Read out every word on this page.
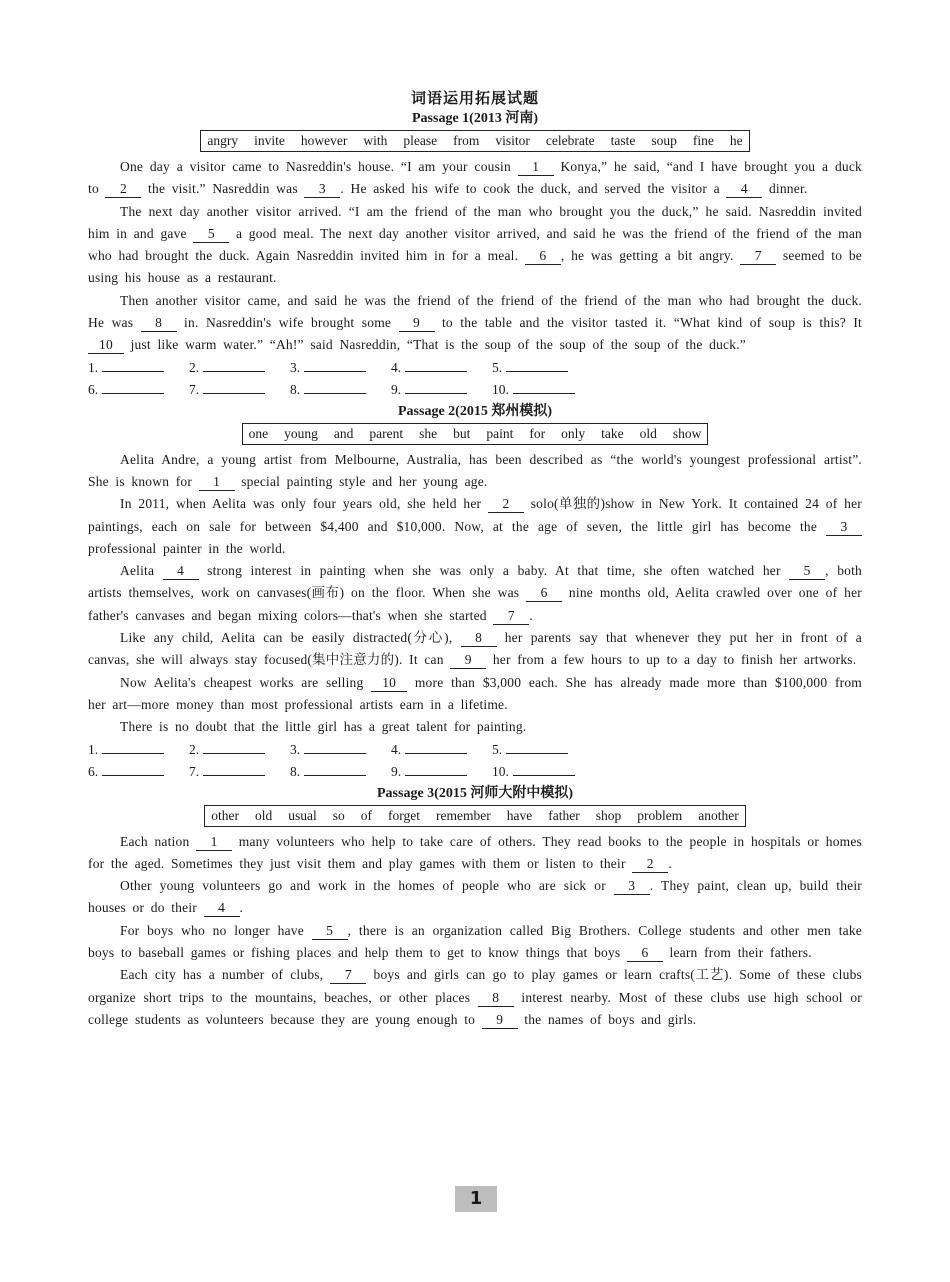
词语运用拓展试题
Passage 1(2013 河南)
angry invite however with please from visitor celebrate taste soup fine he

One day a visitor came to Nasreddin's house. “I am your cousin 1 Konya,” he said, “and I have brought you a duck to 2 the visit.” Nasreddin was 3 . He asked his wife to cook the duck, and served the visitor a 4 dinner.

The next day another visitor arrived. “I am the friend of the man who brought you the duck,” he said. Nasreddin invited him in and gave 5 a good meal. The next day another visitor arrived, and said he was the friend of the friend of the man who had brought the duck. Again Nasreddin invited him in for a meal. 6 , he was getting a bit angry. 7 seemed to be using his house as a restaurant.

Then another visitor came, and said he was the friend of the friend of the friend of the man who had brought the duck. He was 8 in. Nasreddin's wife brought some 9 to the table and the visitor tasted it. “What kind of soup is this? It 10 just like warm water.” “Ah!” said Nasreddin, “That is the soup of the soup of the soup of the duck.”

1.	2.	3.	4.	5.
6.	7.	8.	9.	10.
Passage 2(2015 郑州模拟)
one young and parent she but paint for only take old show

Aelita Andre, a young artist from Melbourne, Australia, has been described as “the world's youngest professional artist”. She is known for 1 special painting style and her young age.

In 2011, when Aelita was only four years old, she held her 2 solo(单独的)show in New York. It contained 24 of her paintings, each on sale for between $4,400 and $10,000. Now, at the age of seven, the little girl has become the 3 professional painter in the world.

Aelita 4 strong interest in painting when she was only a baby. At that time, she often watched her 5 , both artists themselves, work on canvases(画布) on the floor. When she was 6 nine months old, Aelita crawled over one of her father's canvases and began mixing colors—that's when she started 7 .

Like any child, Aelita can be easily distracted(分心), 8 her parents say that whenever they put her in front of a canvas, she will always stay focused(集中注意力的). It can 9 her from a few hours to up to a day to finish her artworks.

Now Aelita's cheapest works are selling 10 more than $3,000 each. She has already made more than $100,000 from her art—more money than most professional artists earn in a lifetime.

There is no doubt that the little girl has a great talent for painting.

1.	2.	3.	4.	5.
6.	7.	8.	9.	10.
Passage 3(2015 河师大附中模拟)
other old usual so of forget remember have father shop problem another

Each nation 1 many volunteers who help to take care of others. They read books to the people in hospitals or homes for the aged. Sometimes they just visit them and play games with them or listen to their 2 .

Other young volunteers go and work in the homes of people who are sick or 3 . They paint, clean up, build their houses or do their 4 .

For boys who no longer have 5 , there is an organization called Big Brothers. College students and other men take boys to baseball games or fishing places and help them to get to know things that boys 6 learn from their fathers.

Each city has a number of clubs, 7 boys and girls can go to play games or learn crafts(工艺). Some of these clubs organize short trips to the mountains, beaches, or other places 8 interest nearby. Most of these clubs use high school or college students as volunteers because they are young enough to 9 the names of boys and girls.

1
